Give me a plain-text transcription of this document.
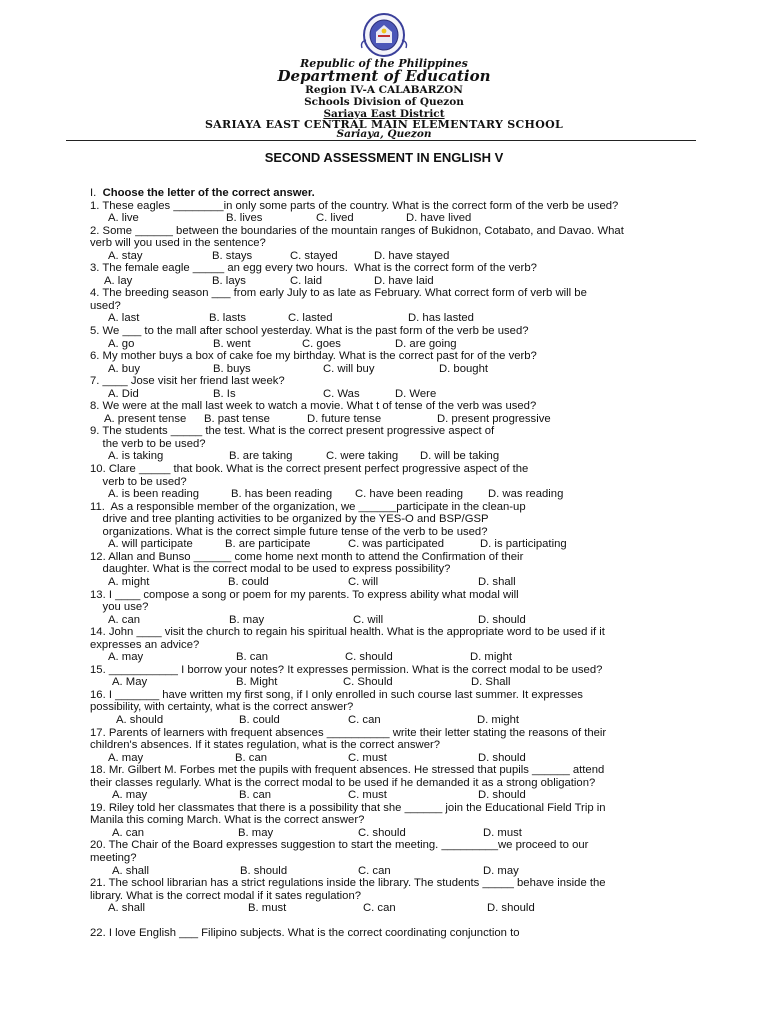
Republic of the Philippines
Department of Education
Region IV-A CALABARZON
Schools Division of Quezon
Sariaya East District
SARIAYA EAST CENTRAL MAIN ELEMENTARY SCHOOL
Sariaya, Quezon
SECOND ASSESSMENT IN ENGLISH V
I. Choose the letter of the correct answer.
1. These eagles ________in only some parts of the country. What is the correct form of the verb be used?
A. live	B. lives	C. lived	D. have lived
2. Some ______ between the boundaries of the mountain ranges of Bukidnon, Cotabato, and Davao. What
verb will you used in the sentence?
A. stay	B. stays	C. stayed	D. have stayed
3. The female eagle _____ an egg every two hours.  What is the correct form of the verb?
A. lay	B. lays	C. laid	D. have laid
4. The breeding season ___ from early July to as late as February. What correct form of verb will be
used?
A. last	B. lasts	C. lasted	D. has lasted
5. We ___ to the mall after school yesterday. What is the past form of the verb be used?
A. go	B. went	C. goes	D. are going
6. My mother buys a box of cake foe my birthday. What is the correct past for of the verb?
A. buy	B. buys	C. will buy	D. bought
7. ____ Jose visit her friend last week?
A. Did	B. Is	C. Was	D. Were
8. We were at the mall last week to watch a movie. What t of tense of the verb was used?
A. present tense B. past tense	D. future tense	D. present progressive
9. The students _____ the test. What is the correct present progressive aspect of
the verb to be used?
A. is taking	B. are taking	C. were taking D. will be taking
10. Clare _____ that book. What is the correct present perfect progressive aspect of the
verb to be used?
A. is been reading	B. has been reading C. have been reading D. was reading
11.  As a responsible member of the organization, we ______participate in the clean-up
drive and tree planting activities to be organized by the YES-O and BSP/GSP
organizations. What is the correct simple future tense of the verb to be used?
A. will participate	B. are participate	C. was participated	D. is participating
12. Allan and Bunso ______ come home next month to attend the Confirmation of their
daughter. What is the correct modal to be used to express possibility?
A. might	B. could	C. will	D. shall
13. I ____ compose a song or poem for my parents. To express ability what modal will
you use?
A. can	B. may	C. will	D. should
14. John ____ visit the church to regain his spiritual health. What is the appropriate word to be used if it
expresses an advice?
A. may	B. can	C. should	D. might
15. ___________ I borrow your notes? It expresses permission. What is the correct modal to be used?
A. May	B. Might	C. Should	D. Shall
16. I _______ have written my first song, if I only enrolled in such course last summer. It expresses
possibility, with certainty, what is the correct answer?
A. should	B. could	C. can	D. might
17. Parents of learners with frequent absences __________ write their letter stating the reasons of their
children's absences. If it states regulation, what is the correct answer?
A. may	B. can	C. must	D. should
18. Mr. Gilbert M. Forbes met the pupils with frequent absences. He stressed that pupils ______ attend
their classes regularly. What is the correct modal to be used if he demanded it as a strong obligation?
A. may	B. can	C. must	D. should
19. Riley told her classmates that there is a possibility that she ______ join the Educational Field Trip in
Manila this coming March. What is the correct answer?
A. can	B. may	C. should	D. must
20. The Chair of the Board expresses suggestion to start the meeting. _________we proceed to our
meeting?
A. shall	B. should	C. can	D. may
21. The school librarian has a strict regulations inside the library. The students _____ behave inside the
library. What is the correct modal if it sates regulation?
A. shall	B. must	C. can	D. should
22. I love English ___ Filipino subjects. What is the correct coordinating conjunction to
